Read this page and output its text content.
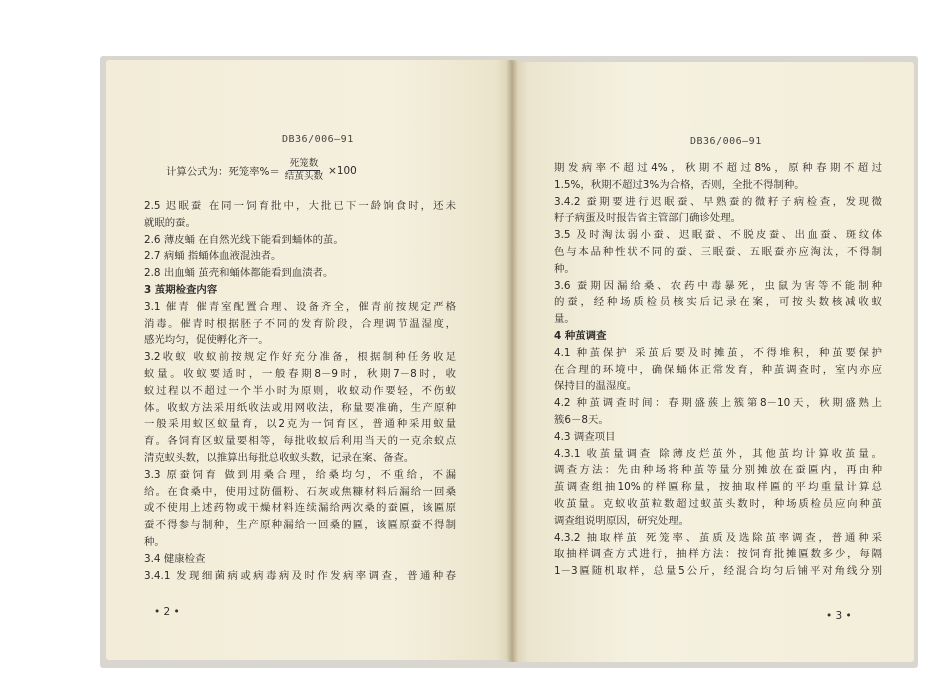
DB36/006—91
计算公式为：死笼率%＝ $\frac{\text{死笼数}}{\text{结茧头数}} \times 100$
2.5 迟眠蚕 在同一饲育批中，大批已下一龄饷食时，还未
就眠的蚕。
2.6 薄皮蛹 在自然光线下能看到蛹体的茧。
2.7 病蛹 指蛹体血液混浊者。
2.8 出血蛹 茧壳和蛹体都能看到血渍者。
3 茧期检查内容
3.1 催青 催青室配置合理、设备齐全，催青前按规定严格
消毒。催青时根据胚子不同的发育阶段，合理调节温湿度，
感光均匀，促使孵化齐一。
3.2收蚁 收蚁前按规定作好充分准备，根据制种任务收足
蚁量。收蚁要适时，一般春期8－9时，秋期7－8时，收
蚁过程以不超过一个半小时为原则，收蚁动作要轻，不伤蚁
体。收蚁方法采用纸收法或用网收法，称量要准确，生产原种
一般采用蚁区蚁量育，以2克为一饲育区，普通种采用蚁量
育。各饲育区蚁量要相等，每批收蚁后利用当天的一克余蚁点
清克蚁头数，以推算出每批总收蚁头数，记录在案、备查。
3.3 原蚕饲育 做到用桑合理，给桑均匀，不重给，不漏
给。在食桑中，使用过防僵粉、石灰或焦糠材料后漏给一回桑
或不使用上述药物或干燥材料连续漏给两次桑的蚕匾，该匾原
蚕不得参与制种，生产原种漏给一回桑的匾，该匾原蚕不得制
种。
3.4 健康检查
3.4.1 发现细菌病或病毒病及时作发病率调查，普通种春
• 2 •
DB36/006—91
期发病率不超过4%，秋期不超过8%，原种春期不超过
1.5%，秋期不超过3%为合格，否则，全批不得制种。
3.4.2 蚕期要进行迟眠蚕、早熟蚕的微籽子病检查，发现微
籽子病蛋及时报告省主管部门确诊处理。
3.5 及时淘汰弱小蚕、迟眠蚕、不脱皮蚕、出血蚕、斑纹体
色与本品种性状不同的蚕、三眠蚕、五眠蚕亦应淘汰，不得制
种。
3.6 蚕期因漏给桑、农药中毒暴死，虫鼠为害等不能制种
的蚕，经种场质检员核实后记录在案，可按头数核减收蚁
量。
4 种茧调查
4.1 种茧保护 采茧后要及时摊茧，不得堆积，种茧要保护
在合理的环境中，确保蛹体正常发育，种茧调查时，室内亦应
保持目的温湿度。
4.2 种茧调查时间：春期盛蔟上簇第8－10天，秋期盛熟上
簇6－8天。
4.3 调查项目
4.3.1 收茧量调查 除薄皮烂茧外，其他茧均计算收茧量。
调查方法：先由种场将种茧等量分别摊放在蚕匾内，再由种
茧调查组抽10%的样匾称量，按抽取样匾的平均重量计算总
收茧量。克蚁收茧粒数超过蚁茧头数时，种场质检员应向种茧
调查组说明原因，研究处理。
4.3.2 抽取样茧 死笼率、茧质及选除茧率调查，普通种采
取抽样调查方式进行，抽样方法：按饲育批摊匾数多少，每隔
1－3匾随机取样，总量5公斤，经混合均匀后铺平对角线分别
• 3 •
